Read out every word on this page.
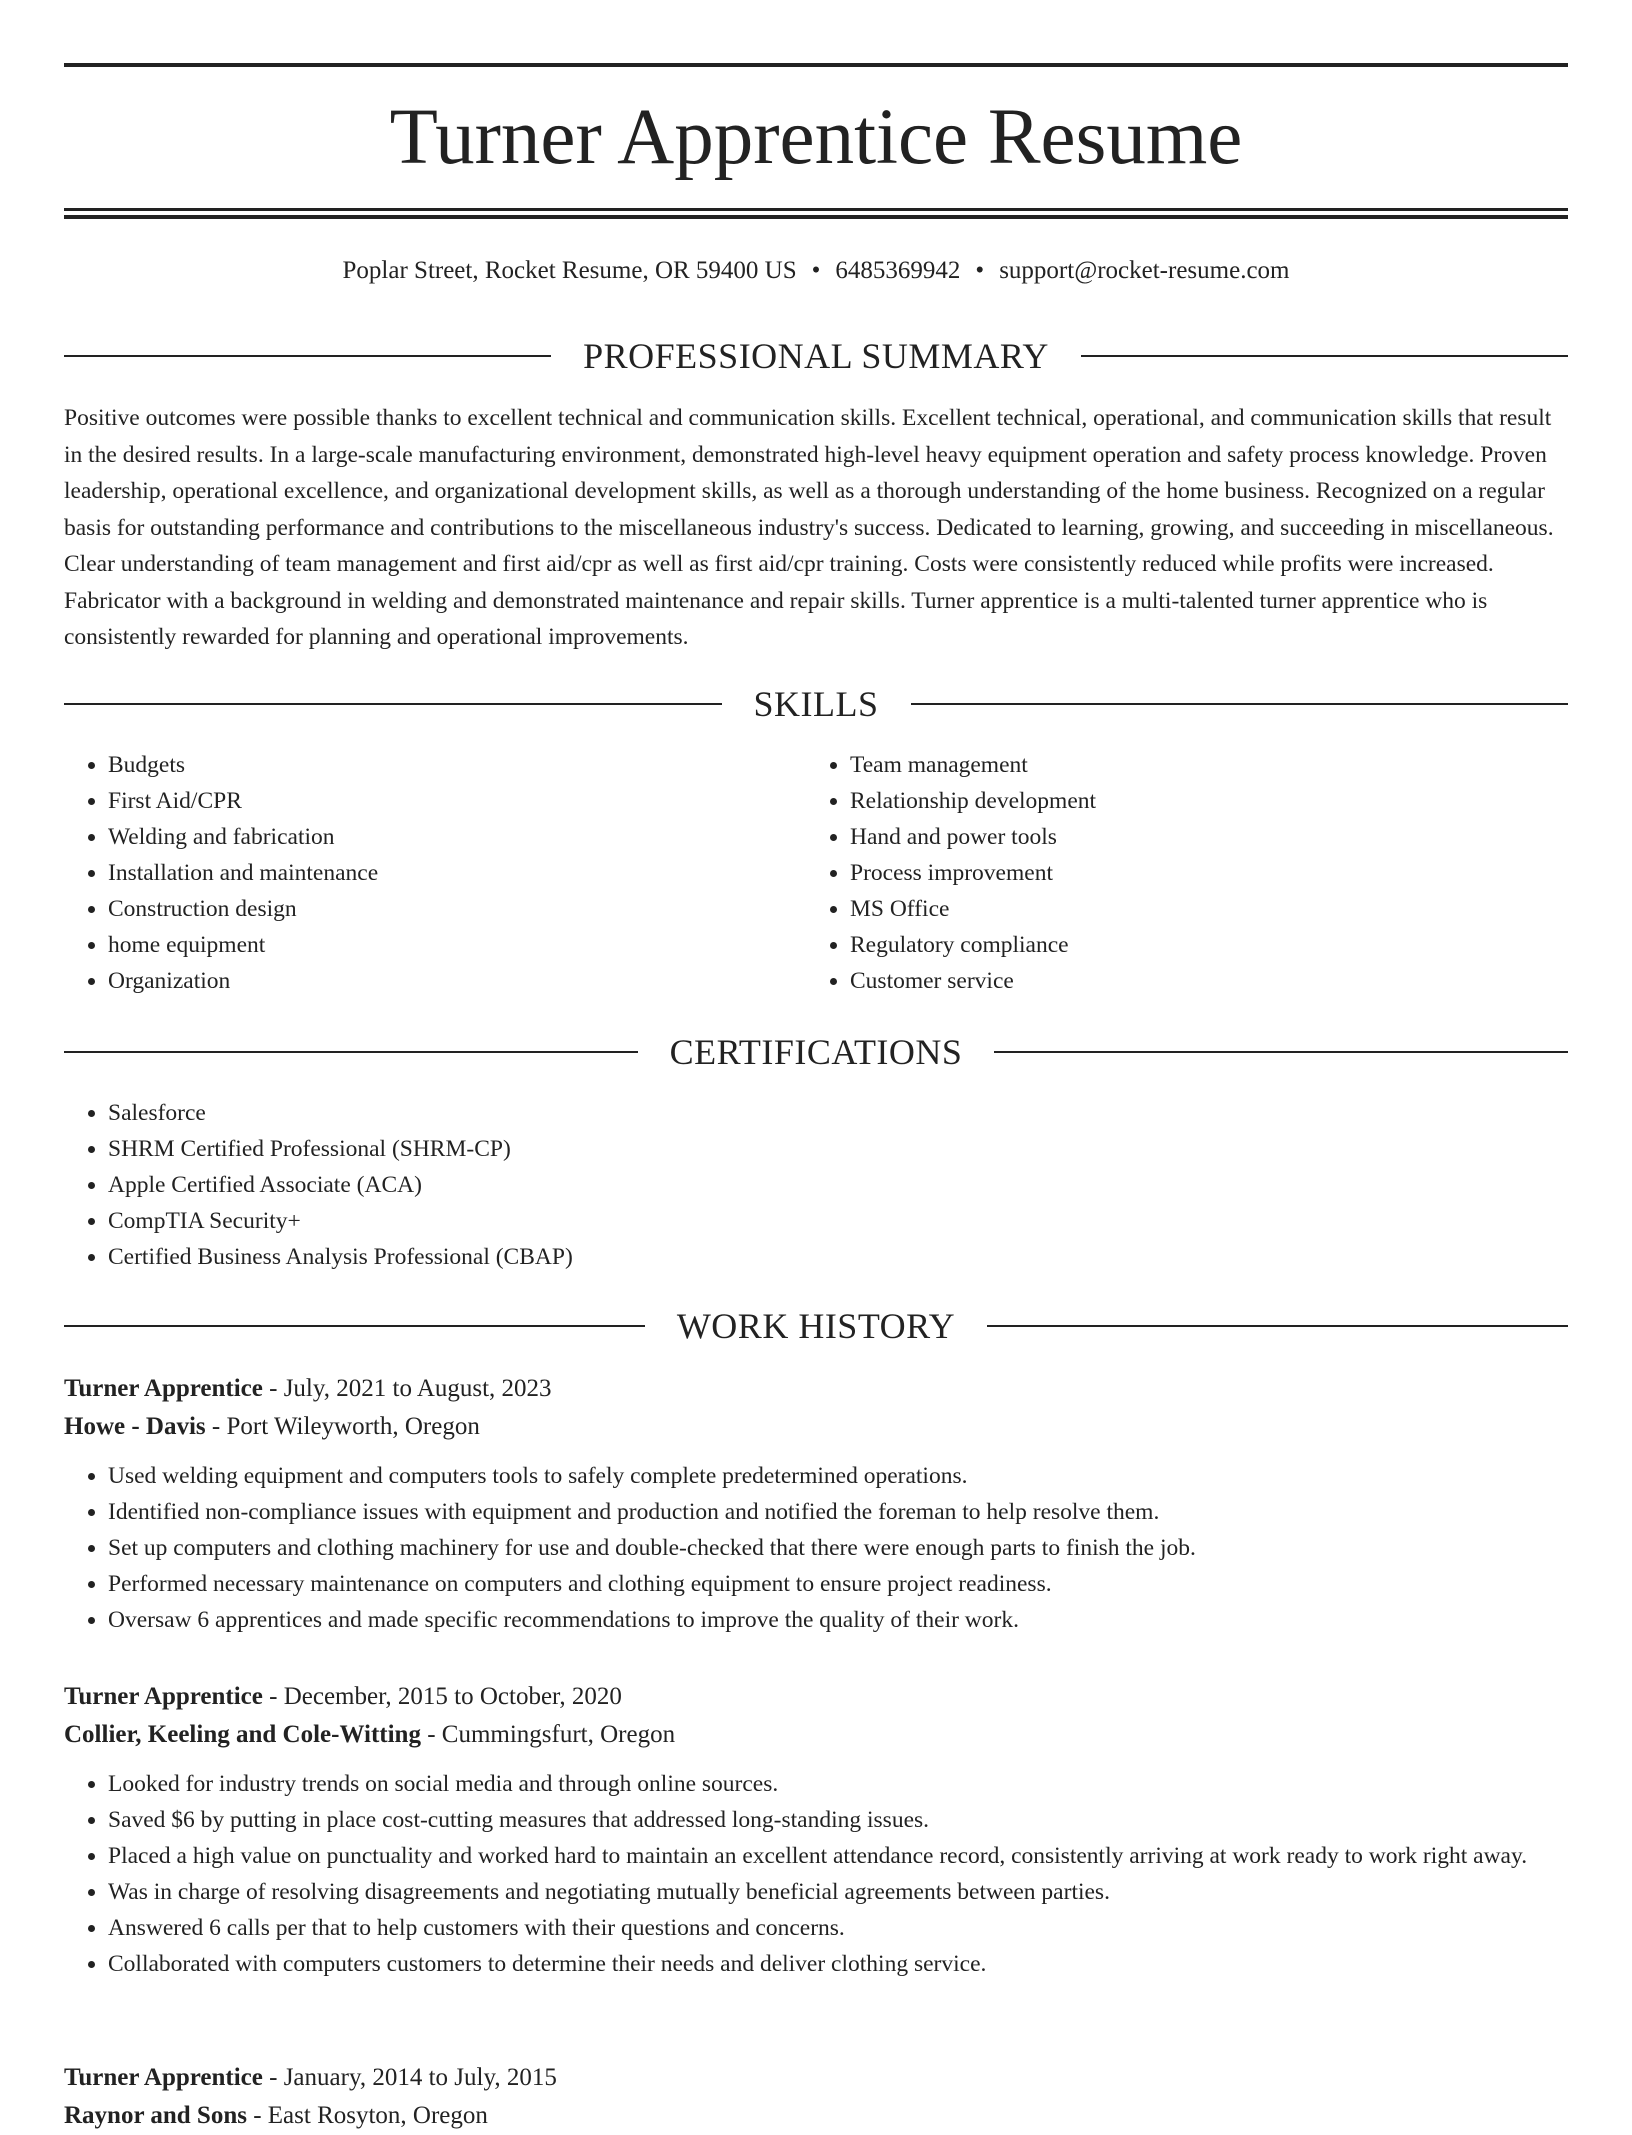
Turner Apprentice Resume
Poplar Street, Rocket Resume, OR 59400 US • 6485369942 • support@rocket-resume.com
PROFESSIONAL SUMMARY

Positive outcomes were possible thanks to excellent technical and communication skills. Excellent technical, operational, and communication skills that result in the desired results. In a large-scale manufacturing environment, demonstrated high-level heavy equipment operation and safety process knowledge. Proven leadership, operational excellence, and organizational development skills, as well as a thorough understanding of the home business. Recognized on a regular basis for outstanding performance and contributions to the miscellaneous industry's success. Dedicated to learning, growing, and succeeding in miscellaneous. Clear understanding of team management and first aid/cpr as well as first aid/cpr training. Costs were consistently reduced while profits were increased. Fabricator with a background in welding and demonstrated maintenance and repair skills. Turner apprentice is a multi-talented turner apprentice who is consistently rewarded for planning and operational improvements.

SKILLS
• Budgets
• First Aid/CPR
• Welding and fabrication
• Installation and maintenance
• Construction design
• home equipment
• Organization
• Team management
• Relationship development
• Hand and power tools
• Process improvement
• MS Office
• Regulatory compliance
• Customer service
CERTIFICATIONS
• Salesforce
• SHRM Certified Professional (SHRM-CP)
• Apple Certified Associate (ACA)
• CompTIA Security+
• Certified Business Analysis Professional (CBAP)
WORK HISTORY
Turner Apprentice - July, 2021 to August, 2023
Howe - Davis - Port Wileyworth, Oregon
• Used welding equipment and computers tools to safely complete predetermined operations.
• Identified non-compliance issues with equipment and production and notified the foreman to help resolve them.
• Set up computers and clothing machinery for use and double-checked that there were enough parts to finish the job.
• Performed necessary maintenance on computers and clothing equipment to ensure project readiness.
• Oversaw 6 apprentices and made specific recommendations to improve the quality of their work.
Turner Apprentice - December, 2015 to October, 2020
Collier, Keeling and Cole-Witting - Cummingsfurt, Oregon
• Looked for industry trends on social media and through online sources.
• Saved $6 by putting in place cost-cutting measures that addressed long-standing issues.
• Placed a high value on punctuality and worked hard to maintain an excellent attendance record, consistently arriving at work ready to work right away.
• Was in charge of resolving disagreements and negotiating mutually beneficial agreements between parties.
• Answered 6 calls per that to help customers with their questions and concerns.
• Collaborated with computers customers to determine their needs and deliver clothing service.
Turner Apprentice - January, 2014 to July, 2015
Raynor and Sons - East Rosyton, Oregon
